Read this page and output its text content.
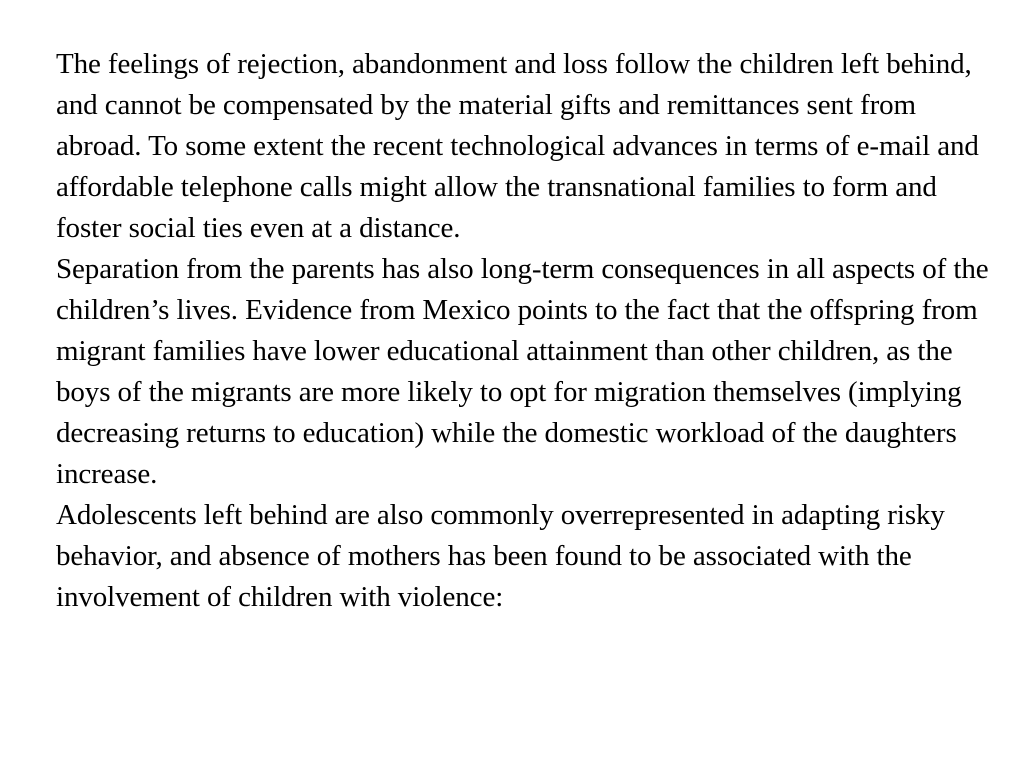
The feelings of rejection, abandonment and loss follow the children left behind, and cannot be compensated by the material gifts and remittances sent from abroad. To some extent the recent technological advances in terms of e-mail and affordable telephone calls might allow the transnational families to form and foster social ties even at a distance.

Separation from the parents has also long-term consequences in all aspects of the children’s lives. Evidence from Mexico points to the fact that the offspring from migrant families have lower educational attainment than other children, as the boys of the migrants are more likely to opt for migration themselves (implying decreasing returns to education) while the domestic workload of the daughters increase.

Adolescents left behind are also commonly overrepresented in adapting risky behavior, and absence of mothers has been found to be associated with the involvement of children with violence:
